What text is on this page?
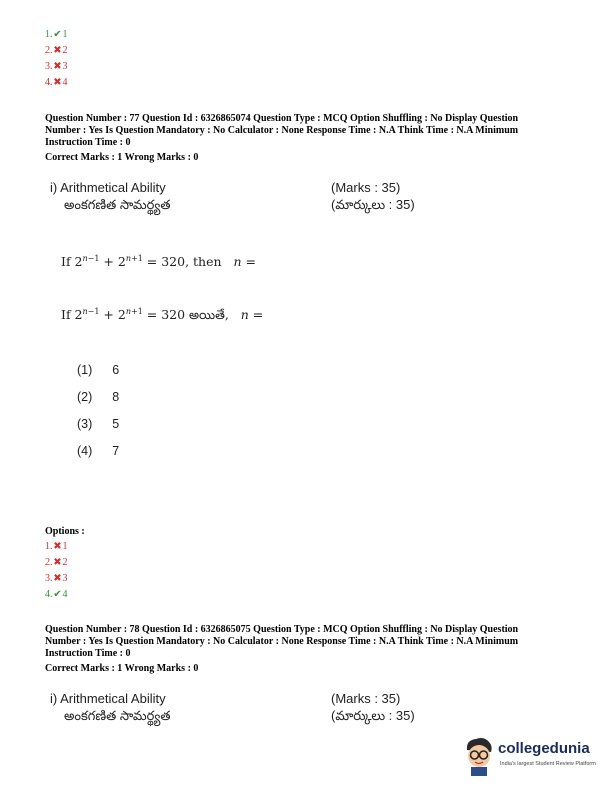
1.✔1
2.✖2
3.✖3
4.✖4
Question Number : 77 Question Id : 6326865074 Question Type : MCQ Option Shuffling : No Display Question
Number : Yes Is Question Mandatory : No Calculator : None Response Time : N.A Think Time : N.A Minimum
Instruction Time : 0
Correct Marks : 1 Wrong Marks : 0
i) Arithmetical Ability
అంకగణిత సామర్థ్యత
(Marks : 35)
(మార్కులు : 35)
If $2^{n-1} + 2^{n+1} = 320$, then n =
If $2^{n-1} + 2^{n+1} = 320$ అయితే, n =
(1) 6
(2) 8
(3) 5
(4) 7
Options :
1.✖1
2.✖2
3.✖3
4.✔4
Question Number : 78 Question Id : 6326865075 Question Type : MCQ Option Shuffling : No Display Question
Number : Yes Is Question Mandatory : No Calculator : None Response Time : N.A Think Time : N.A Minimum
Instruction Time : 0
Correct Marks : 1 Wrong Marks : 0
i) Arithmetical Ability
అంకగణిత సామర్థ్యత
(Marks : 35)
(మార్కులు : 35)
collegedunia
India's largest Student Review Platform
